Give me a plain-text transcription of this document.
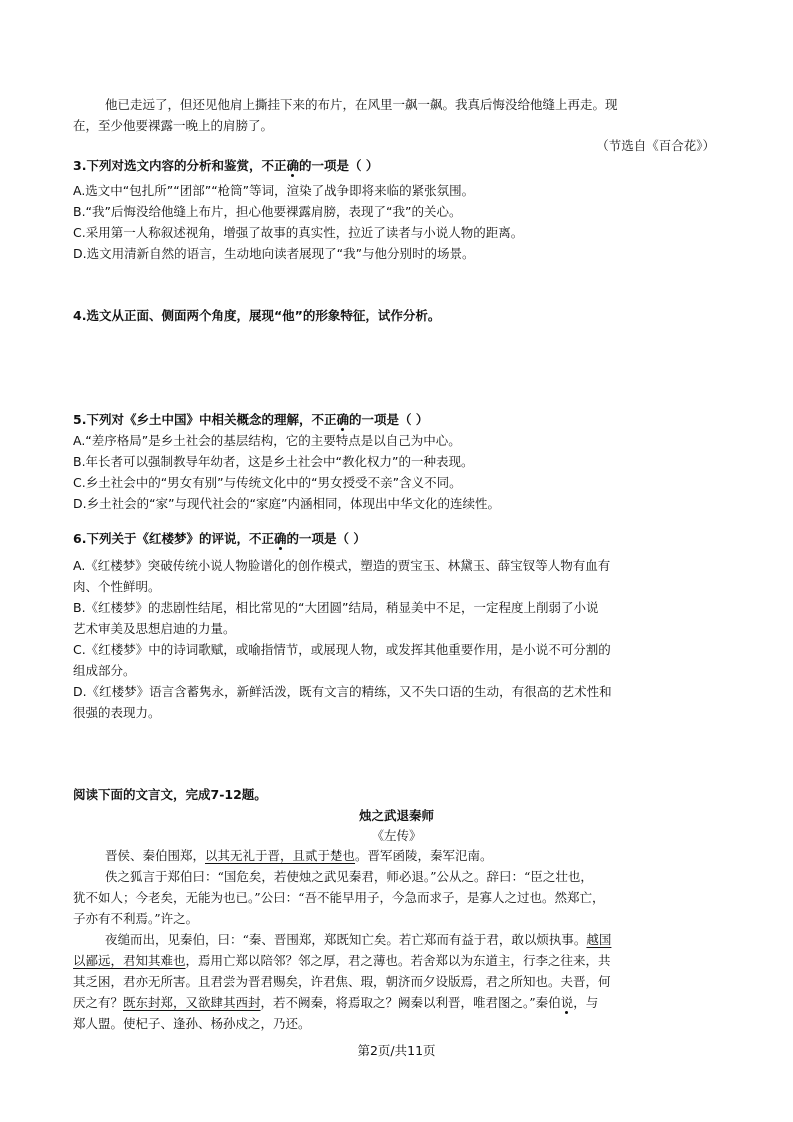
他已走远了，但还见他肩上撕挂下来的布片，在风里一飙一飙。我真后悔没给他缝上再走。现
在，至少他要裸露一晚上的肩膀了。
（节选自《百合花》）
3.下列对选文内容的分析和鉴赏，不正确的一项是（ ）
A.选文中“包扎所”“团部”“枪筒”等词，渲染了战争即将来临的紧张氛围。
B.“我”后悔没给他缝上布片，担心他要裸露肩膀，表现了“我”的关心。
C.采用第一人称叙述视角，增强了故事的真实性，拉近了读者与小说人物的距离。
D.选文用清新自然的语言，生动地向读者展现了“我”与他分别时的场景。
4.选文从正面、侧面两个角度，展现“他”的形象特征，试作分析。
5.下列对《乡土中国》中相关概念的理解，不正确的一项是（ ）
A.“差序格局”是乡土社会的基层结构，它的主要特点是以自己为中心。
B.年长者可以强制教导年幼者，这是乡土社会中“教化权力”的一种表现。
C.乡土社会中的“男女有别”与传统文化中的“男女授受不亲”含义不同。
D.乡土社会的“家”与现代社会的“家庭”内涵相同，体现出中华文化的连续性。
6.下列关于《红楼梦》的评说，不正确的一项是（ ）
A.《红楼梦》突破传统小说人物脸谱化的创作模式，塑造的贾宝玉、林黛玉、薛宝钗等人物有血有
肉、个性鲜明。
B.《红楼梦》的悲剧性结尾，相比常见的“大团圆”结局，稍显美中不足，一定程度上削弱了小说
艺术审美及思想启迪的力量。
C.《红楼梦》中的诗词歌赋，或喻指情节，或展现人物，或发挥其他重要作用，是小说不可分割的
组成部分。
D.《红楼梦》语言含蓄隽永，新鲜活泼，既有文言的精练，又不失口语的生动，有很高的艺术性和
很强的表现力。
阅读下面的文言文，完成7-12题。
烛之武退秦师
《左传》
晋侯、秦伯围郑，以其无礼于晋，且贰于楚也。晋军函陵，秦军氾南。
佚之狐言于郑伯曰：“国危矣，若使烛之武见秦君，师必退。”公从之。辞曰：“臣之壮也，
犹不如人；今老矣，无能为也已。”公曰：“吾不能早用子，今急而求子，是寡人之过也。然郑亡，
子亦有不利焉。”许之。
夜缒而出，见秦伯，曰：“秦、晋围郑，郑既知亡矣。若亡郑而有益于君，敢以烦执事。越国
以鄙远，君知其难也，焉用亡郑以陪邻？邻之厚，君之薄也。若舍郑以为东道主，行李之往来，共
其乏困，君亦无所害。且君尝为晋君赐矣，许君焦、瑕，朝济而夕设版焉，君之所知也。夫晋，何
厌之有？既东封郑，又欲肆其西封，若不阙秦，将焉取之？阙秦以利晋，唯君图之。”秦伯说，与
郑人盟。使杞子、逢孙、杨孙戍之，乃还。
第2页/共11页
